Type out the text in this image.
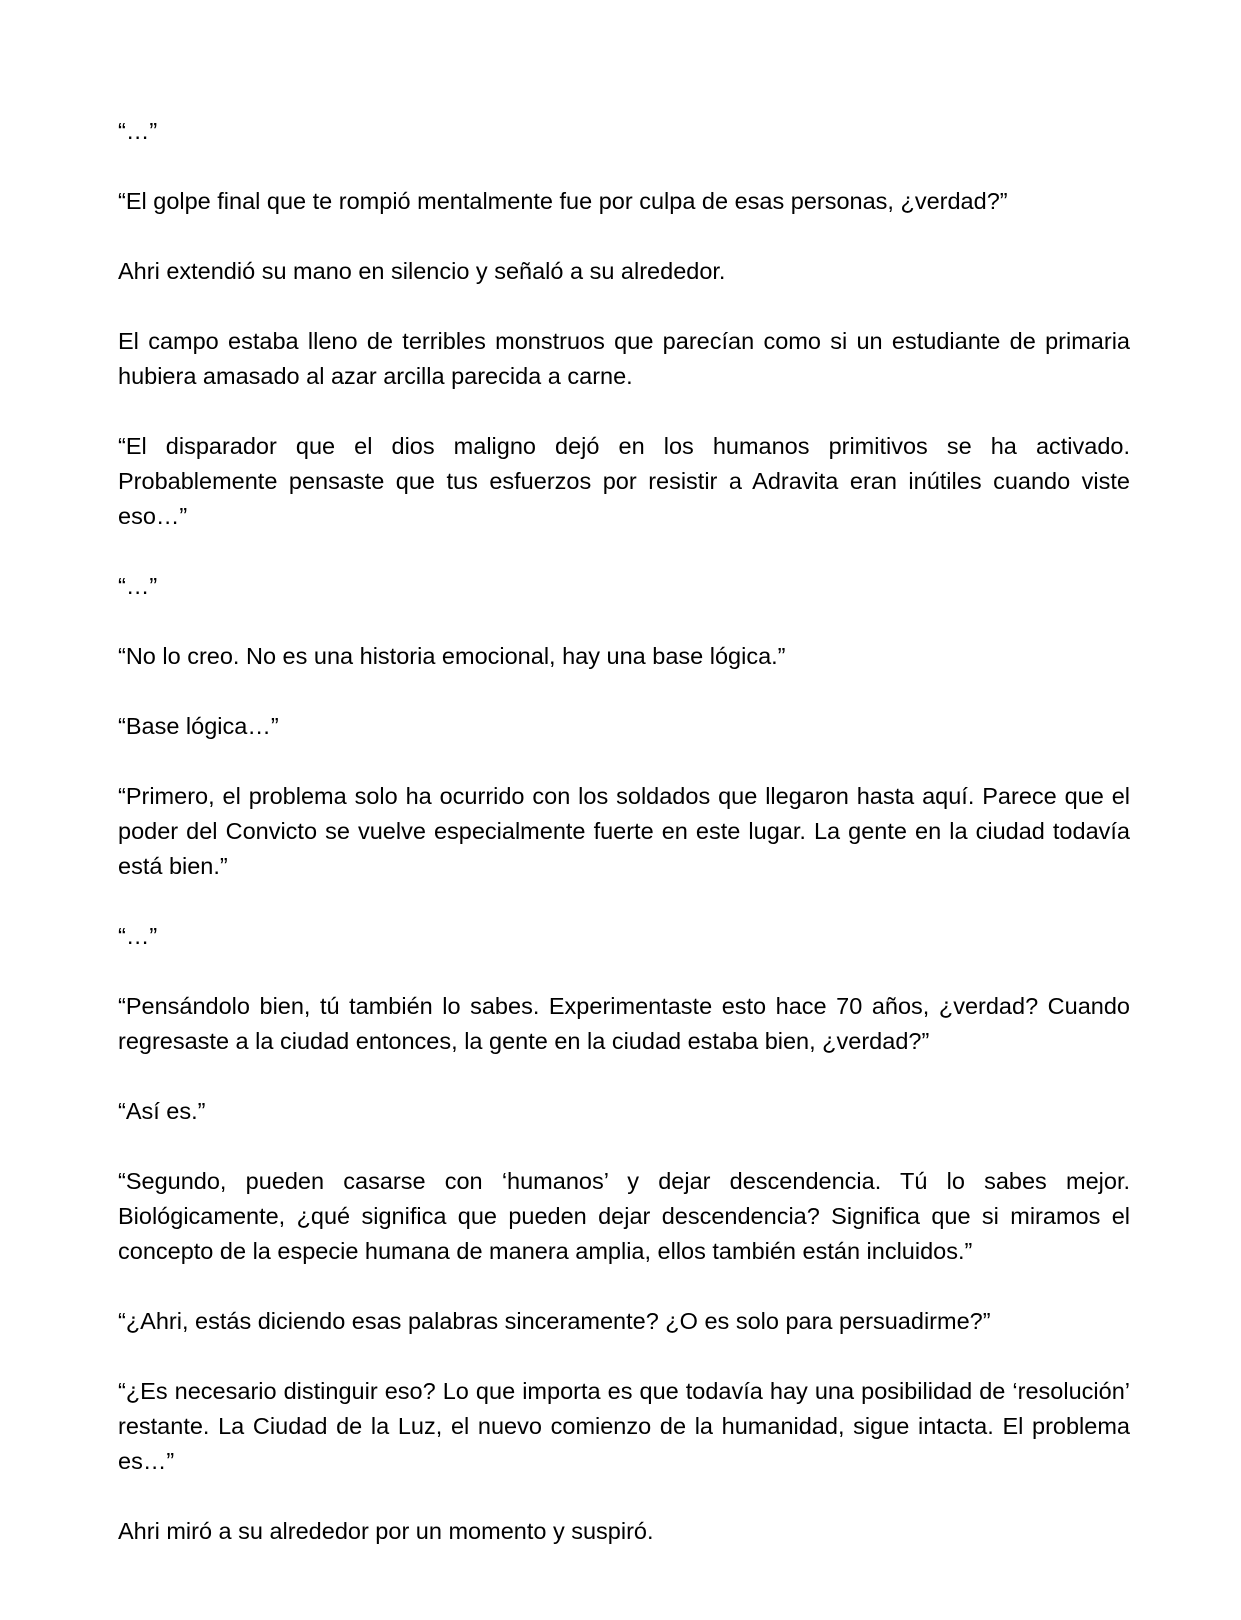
“…”

“El golpe final que te rompió mentalmente fue por culpa de esas personas, ¿verdad?”

Ahri extendió su mano en silencio y señaló a su alrededor.

El campo estaba lleno de terribles monstruos que parecían como si un estudiante de primaria hubiera amasado al azar arcilla parecida a carne.

“El disparador que el dios maligno dejó en los humanos primitivos se ha activado. Probablemente pensaste que tus esfuerzos por resistir a Adravita eran inútiles cuando viste eso…”

“…”

“No lo creo. No es una historia emocional, hay una base lógica.”

“Base lógica…”

“Primero, el problema solo ha ocurrido con los soldados que llegaron hasta aquí. Parece que el poder del Convicto se vuelve especialmente fuerte en este lugar. La gente en la ciudad todavía está bien.”

“…”

“Pensándolo bien, tú también lo sabes. Experimentaste esto hace 70 años, ¿verdad? Cuando regresaste a la ciudad entonces, la gente en la ciudad estaba bien, ¿verdad?”

“Así es.”

“Segundo, pueden casarse con ‘humanos’ y dejar descendencia. Tú lo sabes mejor. Biológicamente, ¿qué significa que pueden dejar descendencia? Significa que si miramos el concepto de la especie humana de manera amplia, ellos también están incluidos.”

“¿Ahri, estás diciendo esas palabras sinceramente? ¿O es solo para persuadirme?”

“¿Es necesario distinguir eso? Lo que importa es que todavía hay una posibilidad de ‘resolución’ restante. La Ciudad de la Luz, el nuevo comienzo de la humanidad, sigue intacta. El problema es…”

Ahri miró a su alrededor por un momento y suspiró.
